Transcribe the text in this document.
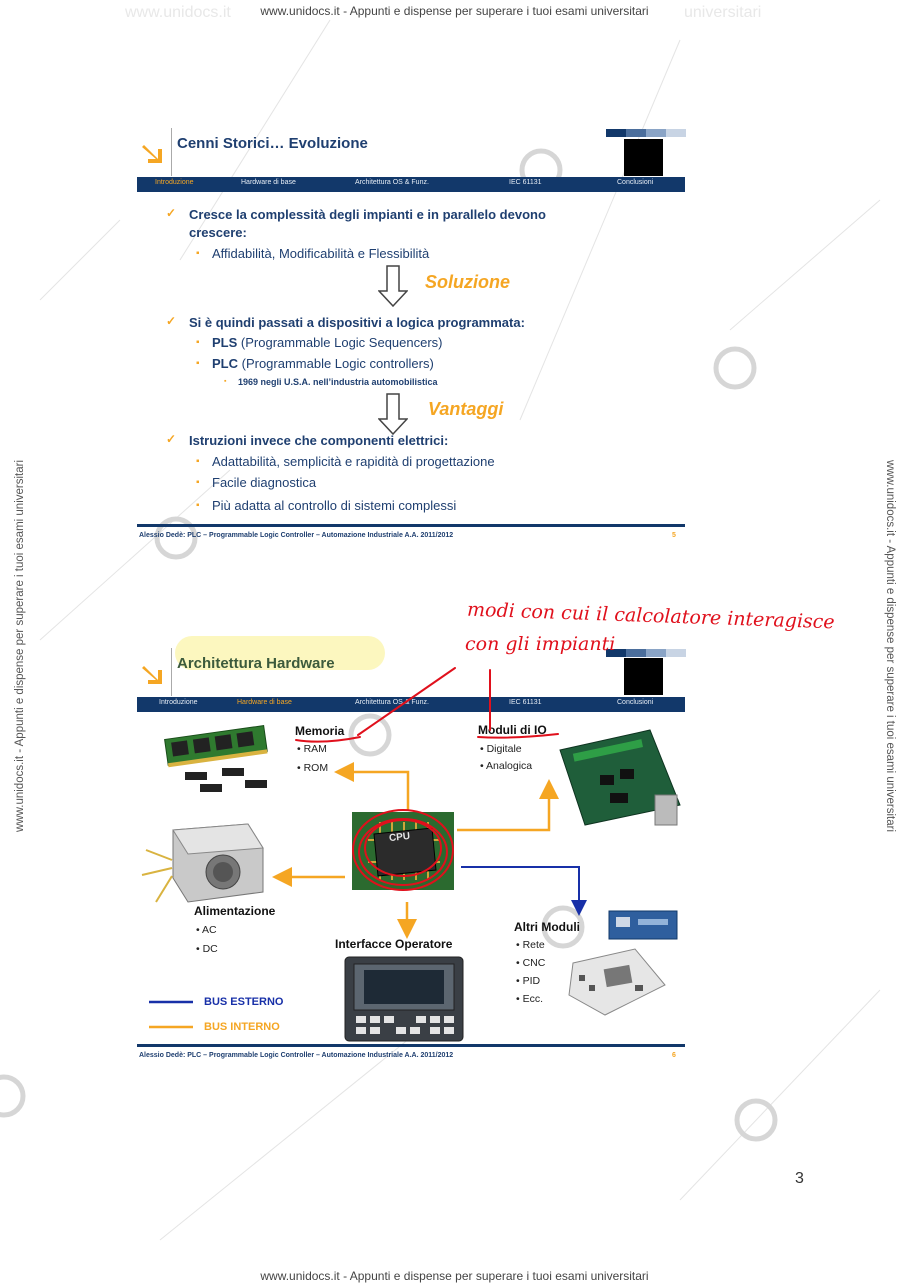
www.unidocs.it - Appunti e dispense per superare i tuoi esami universitari
www.unidocs.it - Appunti e dispense per superare i tuoi esami universitari
www.unidocs.it - Appunti e dispense per superare i tuoi esami universitari	www.unidocs.it - Appunti e dispense per superare i tuoi esami universitari
www.unidocs.it	universitari
Cenni Storici… Evoluzione
Introduzione	Hardware di base	Architettura OS & Funz.	IEC 61131	Conclusioni
✓ Cresce la complessità degli impianti e in parallelo devono
crescere:
▪ Affidabilità, Modificabilità e Flessibilità
Soluzione
✓ Si è quindi passati a dispositivi a logica programmata:
▪ PLS (Programmable Logic Sequencers)
▪ PLC (Programmable Logic controllers)
▪ 1969 negli U.S.A. nell’industria automobilistica
Vantaggi
✓ Istruzioni invece che componenti elettrici:
▪ Adattabilità, semplicità e rapidità di progettazione
▪ Facile diagnostica
▪ Più adatta al controllo di sistemi complessi
Alessio Dedè: PLC – Programmable Logic Controller – Automazione Industriale A.A. 2011/2012	5
Architettura Hardware
Introduzione	Hardware di base	Architettura OS & Funz.	IEC 61131	Conclusioni
Memoria
• RAM
• ROM
Moduli di IO
• Digitale
• Analogica
Alimentazione
• AC
• DC
CPU
Interfacce Operatore
Altri Moduli
• Rete
• CNC
• PID
• Ecc.
BUS ESTERNO
BUS INTERNO
Alessio Dedè: PLC – Programmable Logic Controller – Automazione Industriale A.A. 2011/2012	6
modi con cui il calcolatore interagisce
con gli impianti
3
